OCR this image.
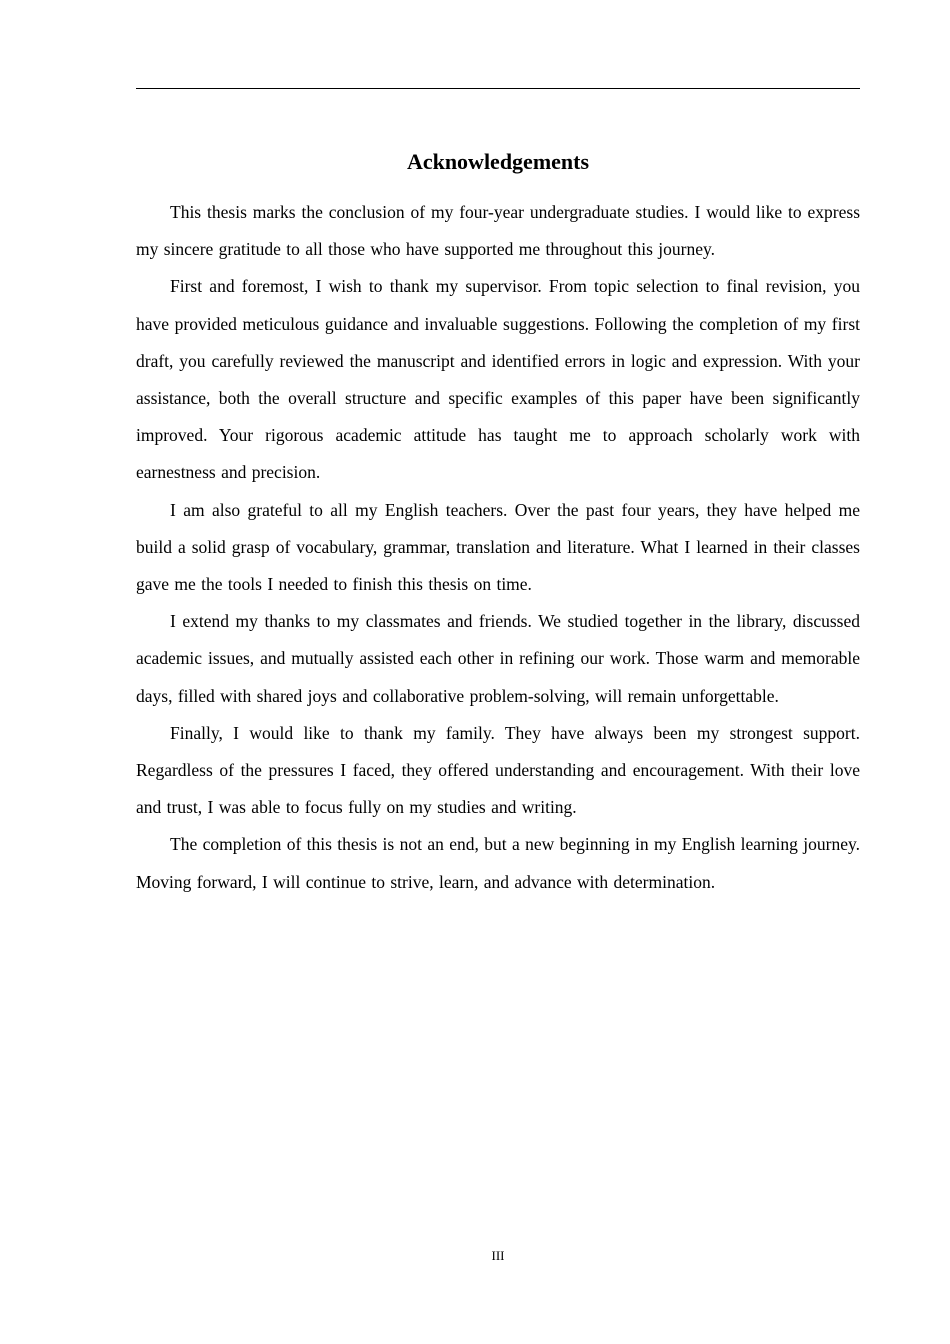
Acknowledgements

This thesis marks the conclusion of my four-year undergraduate studies. I would like to express my sincere gratitude to all those who have supported me throughout this journey.

First and foremost, I wish to thank my supervisor. From topic selection to final revision, you have provided meticulous guidance and invaluable suggestions. Following the completion of my first draft, you carefully reviewed the manuscript and identified errors in logic and expression. With your assistance, both the overall structure and specific examples of this paper have been significantly improved. Your rigorous academic attitude has taught me to approach scholarly work with earnestness and precision.

I am also grateful to all my English teachers. Over the past four years, they have helped me build a solid grasp of vocabulary, grammar, translation and literature. What I learned in their classes gave me the tools I needed to finish this thesis on time.

I extend my thanks to my classmates and friends. We studied together in the library, discussed academic issues, and mutually assisted each other in refining our work. Those warm and memorable days, filled with shared joys and collaborative problem-solving, will remain unforgettable.

Finally, I would like to thank my family. They have always been my strongest support. Regardless of the pressures I faced, they offered understanding and encouragement. With their love and trust, I was able to focus fully on my studies and writing.

The completion of this thesis is not an end, but a new beginning in my English learning journey. Moving forward, I will continue to strive, learn, and advance with determination.

III
